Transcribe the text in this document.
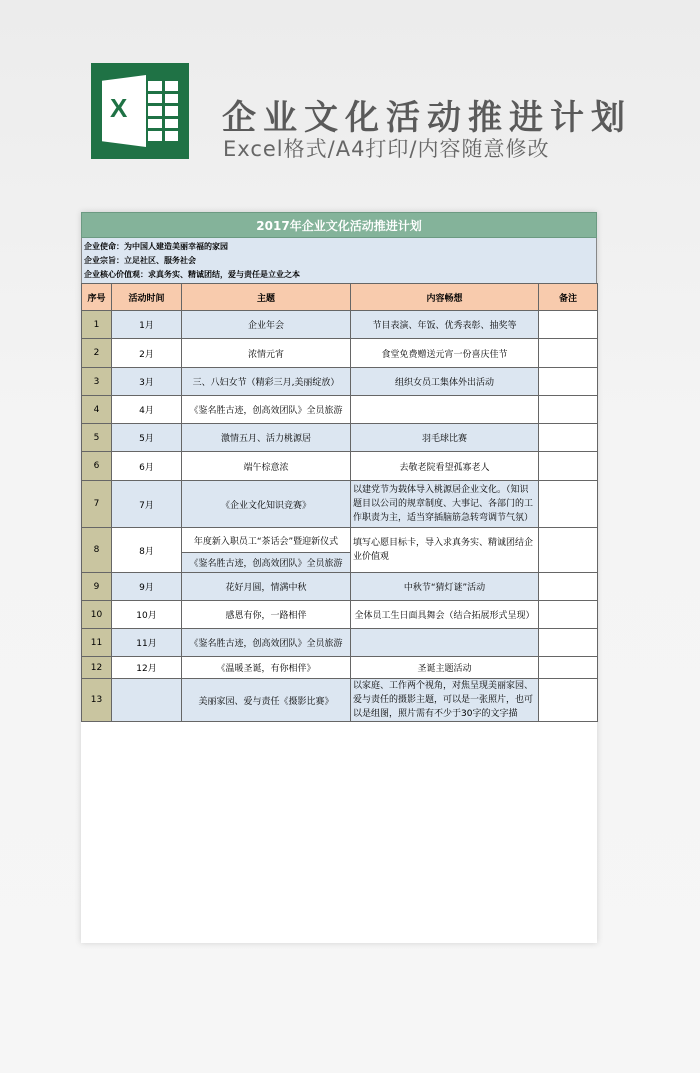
X	企业文化活动推进计划
Excel格式/A4打印/内容随意修改
2017年企业文化活动推进计划
企业使命：为中国人建造美丽幸福的家园
企业宗旨：立足社区、服务社会
企业核心价值观：求真务实、精诚团结，爱与责任是立业之本
序号	活动时间	主题	内容畅想	备注
1	1月	企业年会	节目表演、年饭、优秀表彰、抽奖等	
2	2月	浓情元宵	食堂免费赠送元宵一份喜庆佳节	
3	3月	三、八妇女节（精彩三月,美丽绽放）	组织女员工集体外出活动	
4	4月	《鉴名胜古迹，创高效团队》全员旅游		
5	5月	激情五月、活力桃源居	羽毛球比赛	
6	6月	端午棕意浓	去敬老院看望孤寡老人	
7	7月	《企业文化知识竞赛》	以建党节为载体导入桃源居企业文化。（知识题目以公司的规章制度、大事记、各部门的工作职责为主，适当穿插脑筋急转弯调节气氛）	
8	8月	年度新入职员工“茶话会”暨迎新仪式	填写心愿目标卡，导入求真务实、精诚团结企业价值观	
		《鉴名胜古迹，创高效团队》全员旅游		
9	9月	花好月圆，情满中秋	中秋节“猜灯谜”活动	
10	10月	感恩有你，一路相伴	全体员工生日面具舞会（结合拓展形式呈现）	
11	11月	《鉴名胜古迹，创高效团队》全员旅游		
12	12月	《温暖圣诞，有你相伴》	圣诞主题活动	
13		美丽家园、爱与责任《摄影比赛》	以家庭、工作两个视角，对焦呈现美丽家园、爱与责任的摄影主题，可以是一张照片，也可以是组图，照片需有不少于30字的文字描	
